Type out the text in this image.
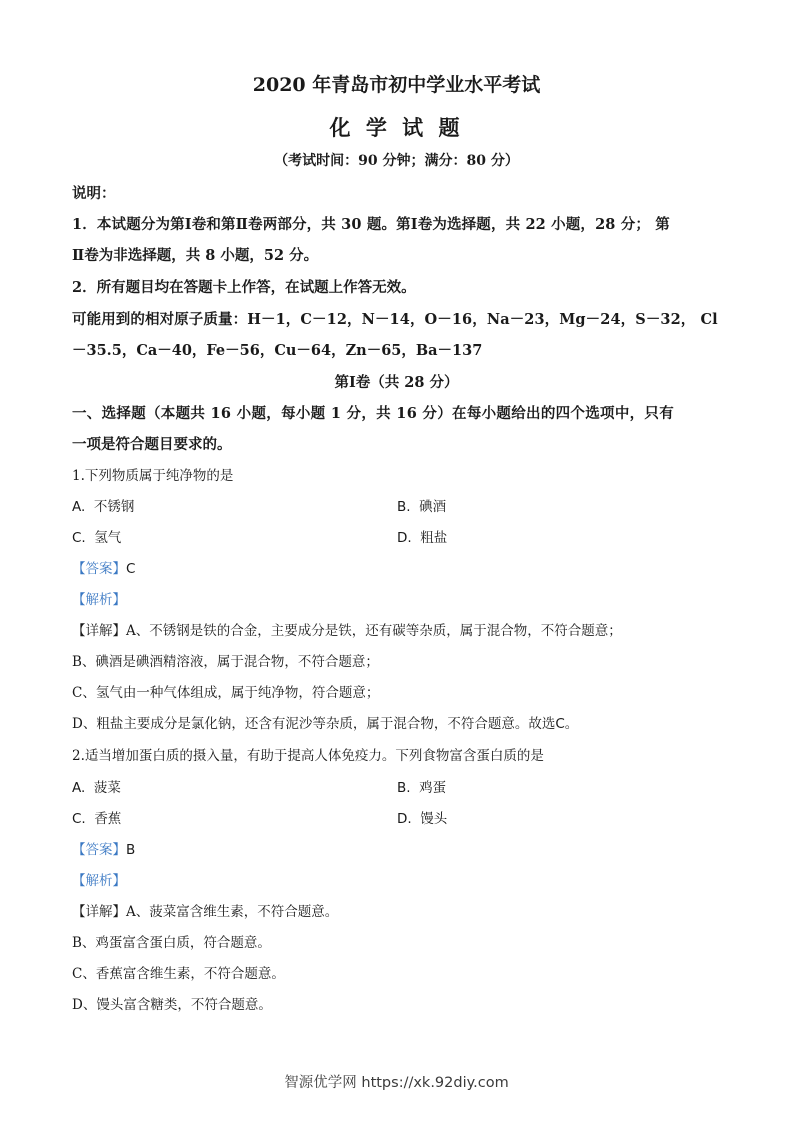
2020 年青岛市初中学业水平考试
化 学 试 题
（考试时间：90 分钟；满分：80 分）
说明：
1．本试题分为第Ⅰ卷和第Ⅱ卷两部分，共 30 题。第Ⅰ卷为选择题，共 22 小题，28 分； 第
Ⅱ卷为非选择题，共 8 小题，52 分。
2．所有题目均在答题卡上作答，在试题上作答无效。
可能用到的相对原子质量：H－1，C－12，N－14，O－16，Na－23，Mg－24，S－32， Cl
－35.5，Ca－40，Fe－56，Cu－64，Zn－65，Ba－137
第Ⅰ卷（共 28 分）
一、选择题（本题共 16 小题，每小题 1 分，共 16 分）在每小题给出的四个选项中，只有
一项是符合题目要求的。
1.下列物质属于纯净物的是
A. 不锈钢	B. 碘酒
C. 氢气	D. 粗盐
【答案】C
【解析】
【详解】A、不锈钢是铁的合金，主要成分是铁，还有碳等杂质，属于混合物，不符合题意；
B、碘酒是碘酒精溶液，属于混合物，不符合题意；
C、氢气由一种气体组成，属于纯净物，符合题意；
D、粗盐主要成分是氯化钠，还含有泥沙等杂质，属于混合物，不符合题意。故选C。
2.适当增加蛋白质的摄入量，有助于提高人体免疫力。下列食物富含蛋白质的是
A. 菠菜	B. 鸡蛋
C. 香蕉	D. 馒头
【答案】B
【解析】
【详解】A、菠菜富含维生素，不符合题意。
B、鸡蛋富含蛋白质，符合题意。
C、香蕉富含维生素，不符合题意。
D、馒头富含糖类，不符合题意。
智源优学网 https://xk.92diy.com
